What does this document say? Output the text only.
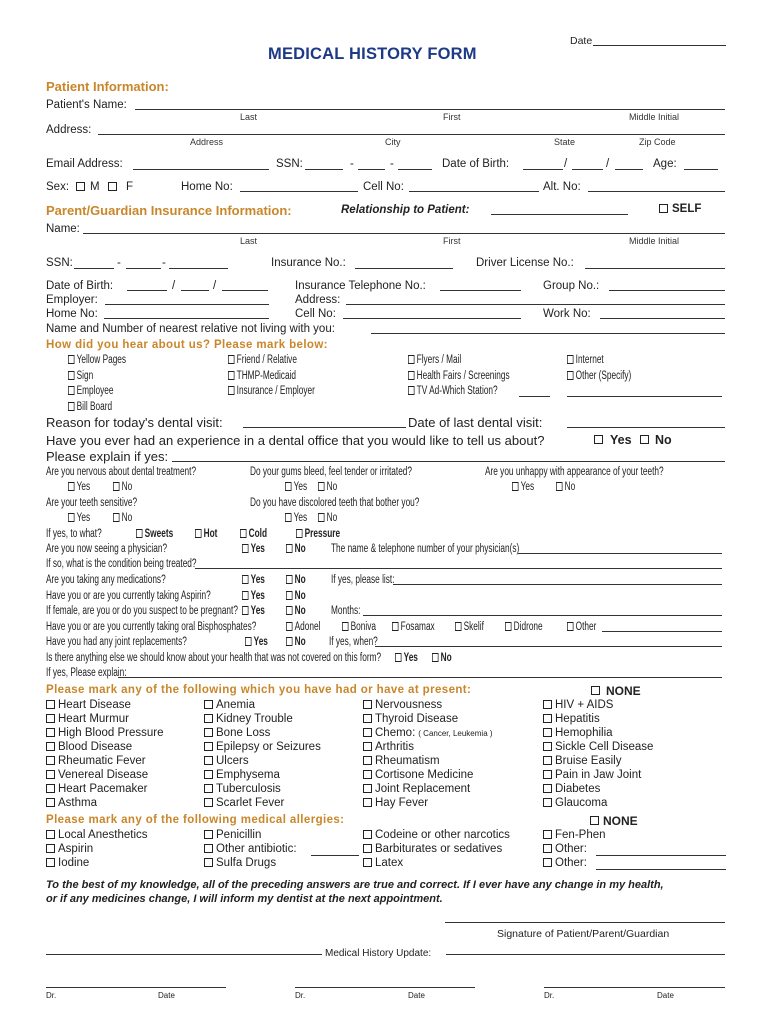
Date
MEDICAL HISTORY FORM
Patient Information:
Patient's Name:
Last	First	Middle Initial
Address:
Address	City	State	Zip Code
Email Address:	SSN:	-	-	Date of Birth:	/	/	Age:
Sex: M F	Home No:	Cell No:	Alt. No:
Parent/Guardian Insurance Information:	Relationship to Patient:	SELF
Name:
Last	First	Middle Initial
SSN:	-	-	Insurance No.:	Driver License No.:
Date of Birth:	/	/	Insurance Telephone No.:	Group No.:
Employer:	Address:
Home No:	Cell No:	Work No:
Name and Number of nearest relative not living with you:
How did you hear about us? Please mark below:
Yellow Pages	Friend / Relative	Flyers / Mail	Internet
Sign	THMP-Medicaid	Health Fairs / Screenings	Other (Specify)
Employee	Insurance / Employer	TV Ad-Which Station?
Bill Board
Reason for today's dental visit:	Date of last dental visit:
Have you ever had an experience in a dental office that you would like to tell us about?	Yes No
Please explain if yes:
Are you nervous about dental treatment?	Do your gums bleed, feel tender or irritated?	Are you unhappy with appearance of your teeth?
Yes	No	Yes	No	Yes	No
Are your teeth sensitive?	Do you have discolored teeth that bother you?
Yes	No	Yes	No
If yes, to what?	Sweets	Hot	Cold	Pressure
Are you now seeing a physician?	Yes	No The name & telephone number of your physician(s)
If so, what is the condition being treated?
Are you taking any medications?	Yes	No If yes, please list:
Have you or are you currently taking Aspirin?	Yes	No
If female, are you or do you suspect to be pregnant?	Yes	No Months:
Have you or are you currently taking oral Bisphosphates?	Adonel	Boniva	Fosamax	Skelif	Didrone	Other
Have you had any joint replacements?	Yes	No If yes, when?
Is there anything else we should know about your health that was not covered on this form?	Yes	No
If yes, Please explain:
Please mark any of the following which you have had or have at present:	NONE
Heart Disease	Anemia	Nervousness	HIV + AIDS
Heart Murmur	Kidney Trouble	Thyroid Disease	Hepatitis
High Blood Pressure	Bone Loss	Chemo: ( Cancer, Leukemia )	Hemophilia
Blood Disease	Epilepsy or Seizures	Arthritis	Sickle Cell Disease
Rheumatic Fever	Ulcers	Rheumatism	Bruise Easily
Venereal Disease	Emphysema	Cortisone Medicine	Pain in Jaw Joint
Heart Pacemaker	Tuberculosis	Joint Replacement	Diabetes
Asthma	Scarlet Fever	Hay Fever	Glaucoma
Please mark any of the following medical allergies:	NONE
Local Anesthetics	Penicillin	Codeine or other narcotics	Fen-Phen
Aspirin	Other antibiotic:	Barbiturates or sedatives	Other:
Iodine	Sulfa Drugs	Latex	Other:
To the best of my knowledge, all of the preceding answers are true and correct. If I ever have any change in my health,
or if any medicines change, I will inform my dentist at the next appointment.
Signature of Patient/Parent/Guardian
Medical History Update:
Dr.	Date	Dr.	Date	Dr.	Date
